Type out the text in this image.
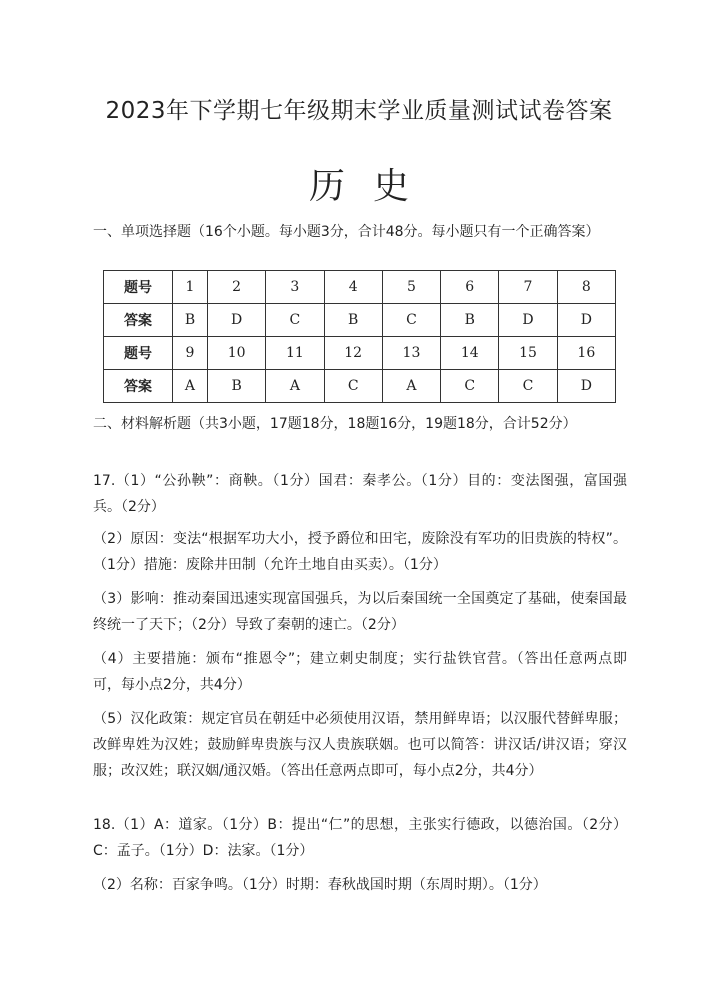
2023年下学期七年级期末学业质量测试试卷答案
历史
一、单项选择题（16个小题。每小题3分，合计48分。每小题只有一个正确答案）
题号	1	2	3	4	5	6	7	8
答案	B	D	C	B	C	B	D	D
题号	9	10	11	12	13	14	15	16
答案	A	B	A	C	A	C	C	D
二、材料解析题（共3小题，17题18分，18题16分，19题18分，合计52分）
17.（1）“公孙鞅”：商鞅。（1分）国君：秦孝公。（1分）目的：变法图强，富国强兵。（2分）
（2）原因：变法“根据军功大小，授予爵位和田宅，废除没有军功的旧贵族的特权”。（1分）措施：废除井田制（允许土地自由买卖）。（1分）
（3）影响：推动秦国迅速实现富国强兵，为以后秦国统一全国奠定了基础，使秦国最终统一了天下；（2分）导致了秦朝的速亡。（2分）
（4）主要措施：颁布“推恩令”；建立刺史制度；实行盐铁官营。（答出任意两点即可，每小点2分，共4分）
（5）汉化政策：规定官员在朝廷中必须使用汉语，禁用鲜卑语；以汉服代替鲜卑服；改鲜卑姓为汉姓；鼓励鲜卑贵族与汉人贵族联姻。也可以简答：讲汉话/讲汉语；穿汉服；改汉姓；联汉姻/通汉婚。（答出任意两点即可，每小点2分，共4分）
18.（1）A：道家。（1分）B：提出“仁”的思想，主张实行德政，以德治国。（2分）C：孟子。（1分）D：法家。（1分）
（2）名称：百家争鸣。（1分）时期：春秋战国时期（东周时期）。（1分）
